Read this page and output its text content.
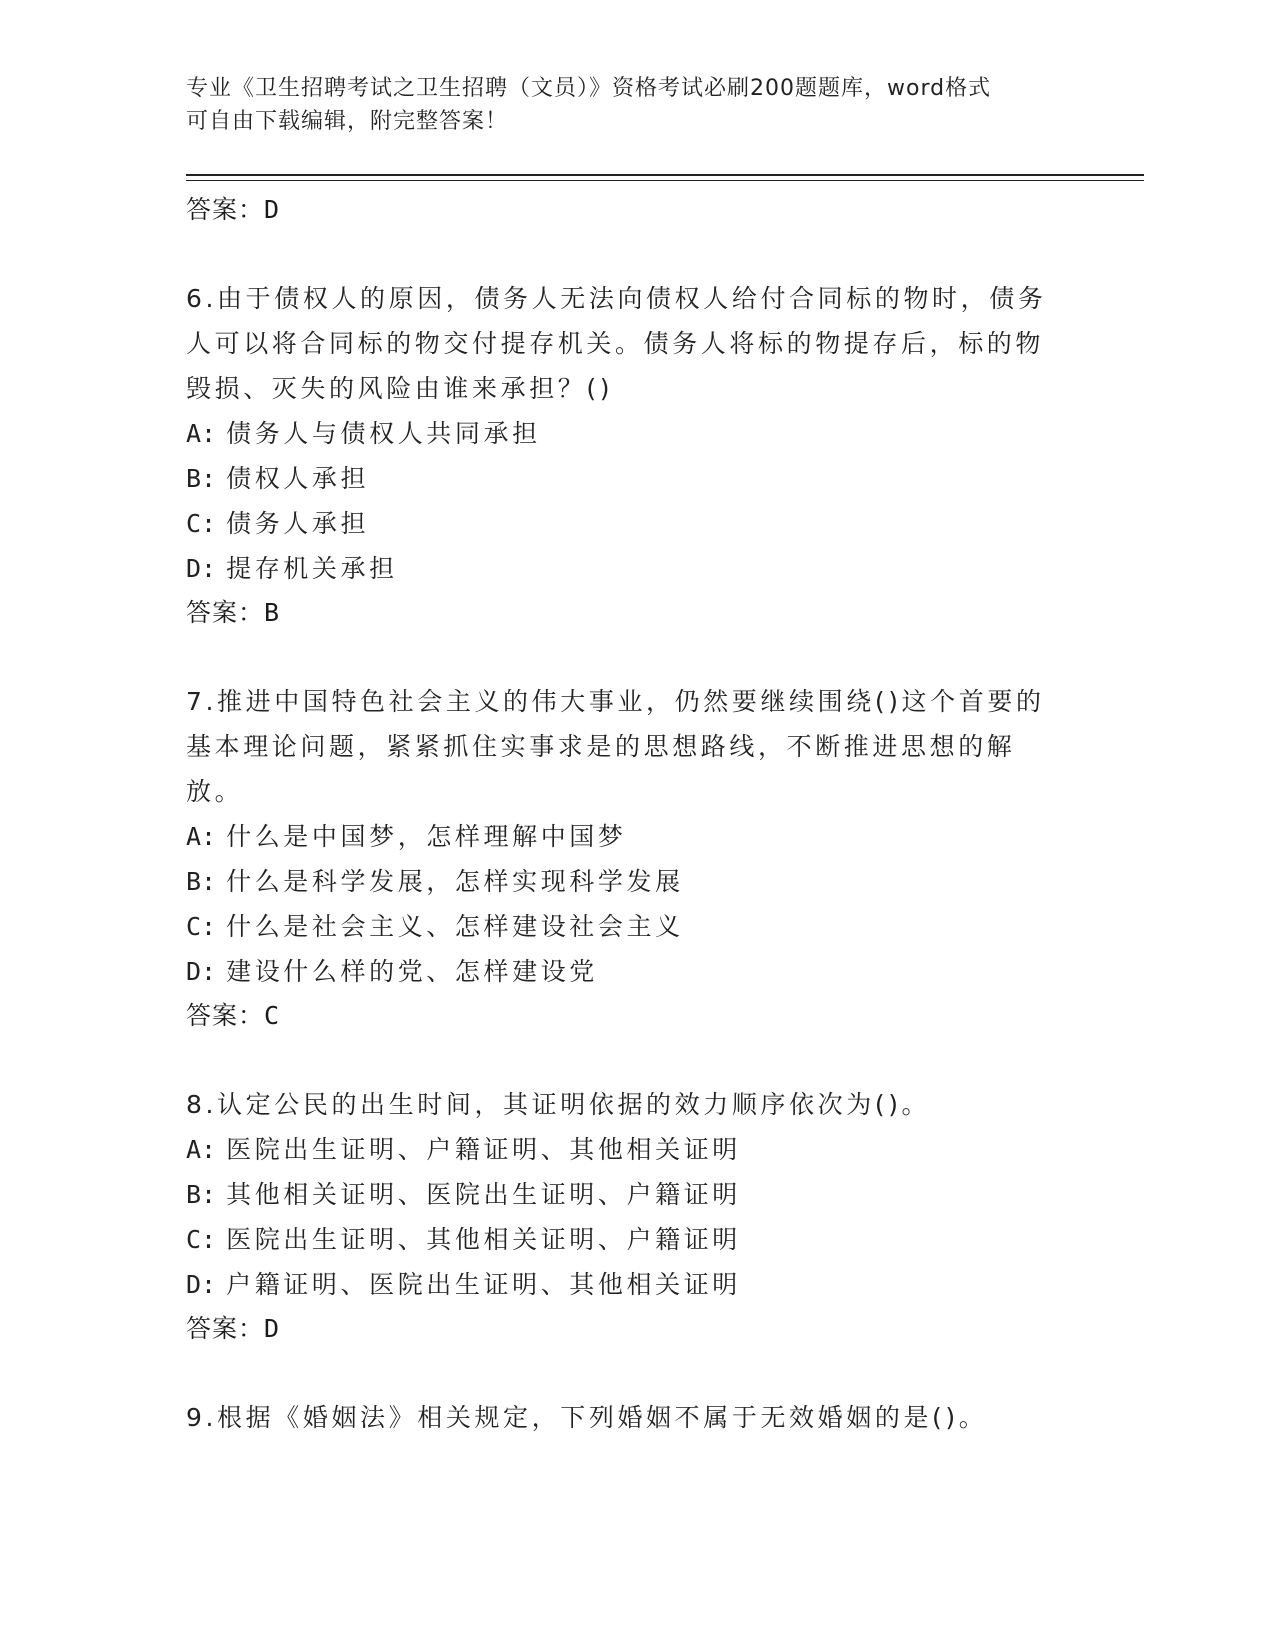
专业《卫生招聘考试之卫生招聘（文员）》资格考试必刷200题题库，word格式
可自由下载编辑，附完整答案！
答案：D

6.由于债权人的原因，债务人无法向债权人给付合同标的物时，债务人可以将合同标的物交付提存机关。债务人将标的物提存后，标的物毁损、灭失的风险由谁来承担？()

A: 债务人与债权人共同承担
B: 债权人承担
C: 债务人承担
D: 提存机关承担
答案：B

7.推进中国特色社会主义的伟大事业，仍然要继续围绕()这个首要的基本理论问题，紧紧抓住实事求是的思想路线，不断推进思想的解放。

A: 什么是中国梦，怎样理解中国梦
B: 什么是科学发展，怎样实现科学发展
C: 什么是社会主义、怎样建设社会主义
D: 建设什么样的党、怎样建设党
答案：C

8.认定公民的出生时间，其证明依据的效力顺序依次为()。

A: 医院出生证明、户籍证明、其他相关证明
B: 其他相关证明、医院出生证明、户籍证明
C: 医院出生证明、其他相关证明、户籍证明
D: 户籍证明、医院出生证明、其他相关证明
答案：D

9.根据《婚姻法》相关规定，下列婚姻不属于无效婚姻的是()。
